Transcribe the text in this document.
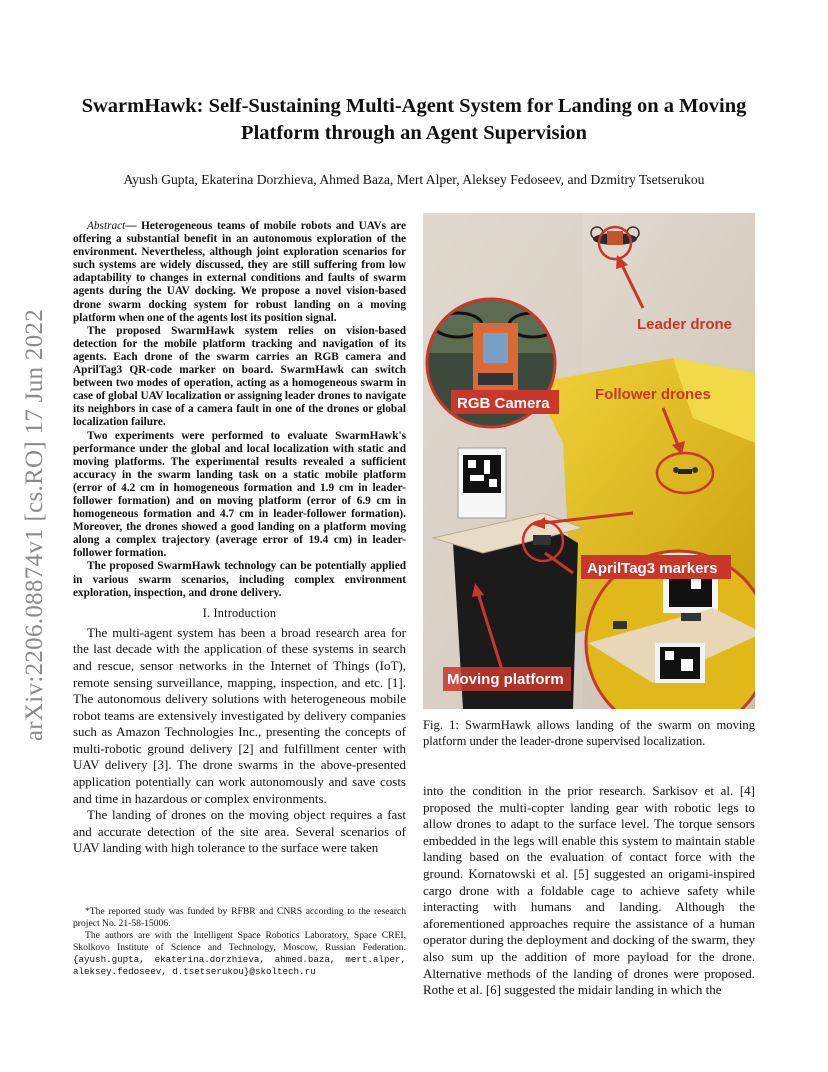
arXiv:2206.08874v1 [cs.RO] 17 Jun 2022
SwarmHawk: Self-Sustaining Multi-Agent System for Landing on a Moving Platform through an Agent Supervision
Ayush Gupta, Ekaterina Dorzhieva, Ahmed Baza, Mert Alper, Aleksey Fedoseev, and Dzmitry Tsetserukou

Abstract— Heterogeneous teams of mobile robots and UAVs are offering a substantial benefit in an autonomous exploration of the environment. Nevertheless, although joint exploration scenarios for such systems are widely discussed, they are still suffering from low adaptability to changes in external conditions and faults of swarm agents during the UAV docking. We propose a novel vision-based drone swarm docking system for robust landing on a moving platform when one of the agents lost its position signal.

The proposed SwarmHawk system relies on vision-based detection for the mobile platform tracking and navigation of its agents. Each drone of the swarm carries an RGB camera and AprilTag3 QR-code marker on board. SwarmHawk can switch between two modes of operation, acting as a homogeneous swarm in case of global UAV localization or assigning leader drones to navigate its neighbors in case of a camera fault in one of the drones or global localization failure.

Two experiments were performed to evaluate SwarmHawk's performance under the global and local localization with static and moving platforms. The experimental results revealed a sufficient accuracy in the swarm landing task on a static mobile platform (error of 4.2 cm in homogeneous formation and 1.9 cm in leader-follower formation) and on moving platform (error of 6.9 cm in homogeneous formation and 4.7 cm in leader-follower formation). Moreover, the drones showed a good landing on a platform moving along a complex trajectory (average error of 19.4 cm) in leader-follower formation.

The proposed SwarmHawk technology can be potentially applied in various swarm scenarios, including complex environment exploration, inspection, and drone delivery.

I. Introduction

The multi-agent system has been a broad research area for the last decade with the application of these systems in search and rescue, sensor networks in the Internet of Things (IoT), remote sensing surveillance, mapping, inspection, and etc. [1]. The autonomous delivery solutions with heterogeneous mobile robot teams are extensively investigated by delivery companies such as Amazon Technologies Inc., presenting the concepts of multi-robotic ground delivery [2] and fulfillment center with UAV delivery [3]. The drone swarms in the above-presented application potentially can work autonomously and save costs and time in hazardous or complex environments.

The landing of drones on the moving object requires a fast and accurate detection of the site area. Several scenarios of UAV landing with high tolerance to the surface were taken

*The reported study was funded by RFBR and CNRS according to the research project No. 21-58-15006.

The authors are with the Intelligent Space Robotics Laboratory, Space CREI, Skolkovo Institute of Science and Technology, Moscow, Russian Federation. {ayush.gupta, ekaterina.dorzhieva, ahmed.baza, mert.alper, aleksey.fedoseev, d.tsetserukou}@skoltech.ru

Leader drone
RGB Camera
Follower drones
AprilTag3 markers
Moving platform
Fig. 1: SwarmHawk allows landing of the swarm on moving platform under the leader-drone supervised localization.

into the condition in the prior research. Sarkisov et al. [4] proposed the multi-copter landing gear with robotic legs to allow drones to adapt to the surface level. The torque sensors embedded in the legs will enable this system to maintain stable landing based on the evaluation of contact force with the ground. Kornatowski et al. [5] suggested an origami-inspired cargo drone with a foldable cage to achieve safety while interacting with humans and landing. Although the aforementioned approaches require the assistance of a human operator during the deployment and docking of the swarm, they also sum up the addition of more payload for the drone. Alternative methods of the landing of drones were proposed. Rothe et al. [6] suggested the midair landing in which the
